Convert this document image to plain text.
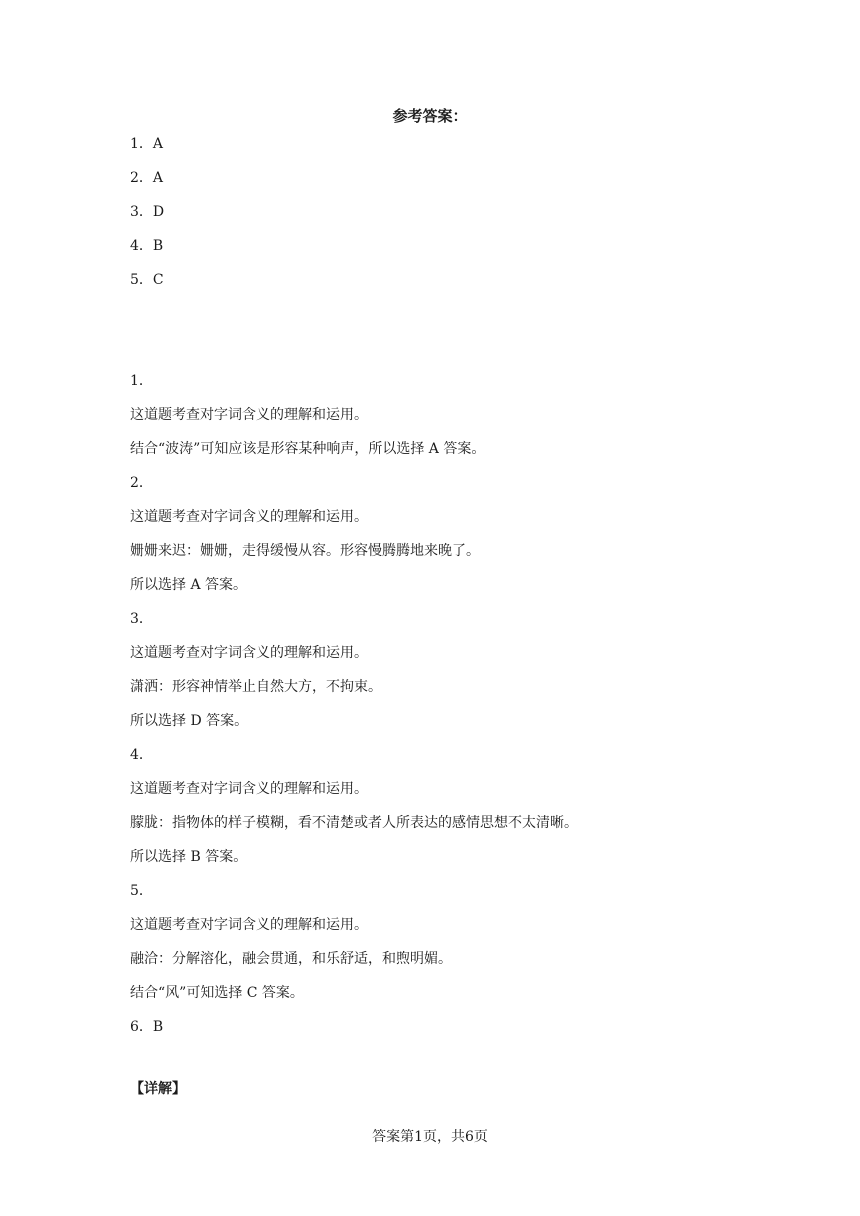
参考答案：
1．A
2．A
3．D
4．B
5．C
1．
这道题考查对字词含义的理解和运用。
结合“波涛”可知应该是形容某种响声，所以选择 A 答案。
2．
这道题考查对字词含义的理解和运用。
姗姗来迟：姗姗，走得缓慢从容。形容慢腾腾地来晚了。
所以选择 A 答案。
3．
这道题考查对字词含义的理解和运用。
潇洒：形容神情举止自然大方，不拘束。
所以选择 D 答案。
4．
这道题考查对字词含义的理解和运用。
朦胧：指物体的样子模糊，看不清楚或者人所表达的感情思想不太清晰。
所以选择 B 答案。
5．
这道题考查对字词含义的理解和运用。
融洽：分解溶化，融会贯通，和乐舒适，和煦明媚。
结合“风”可知选择 C 答案。
6．B
【详解】
答案第1页，共6页
